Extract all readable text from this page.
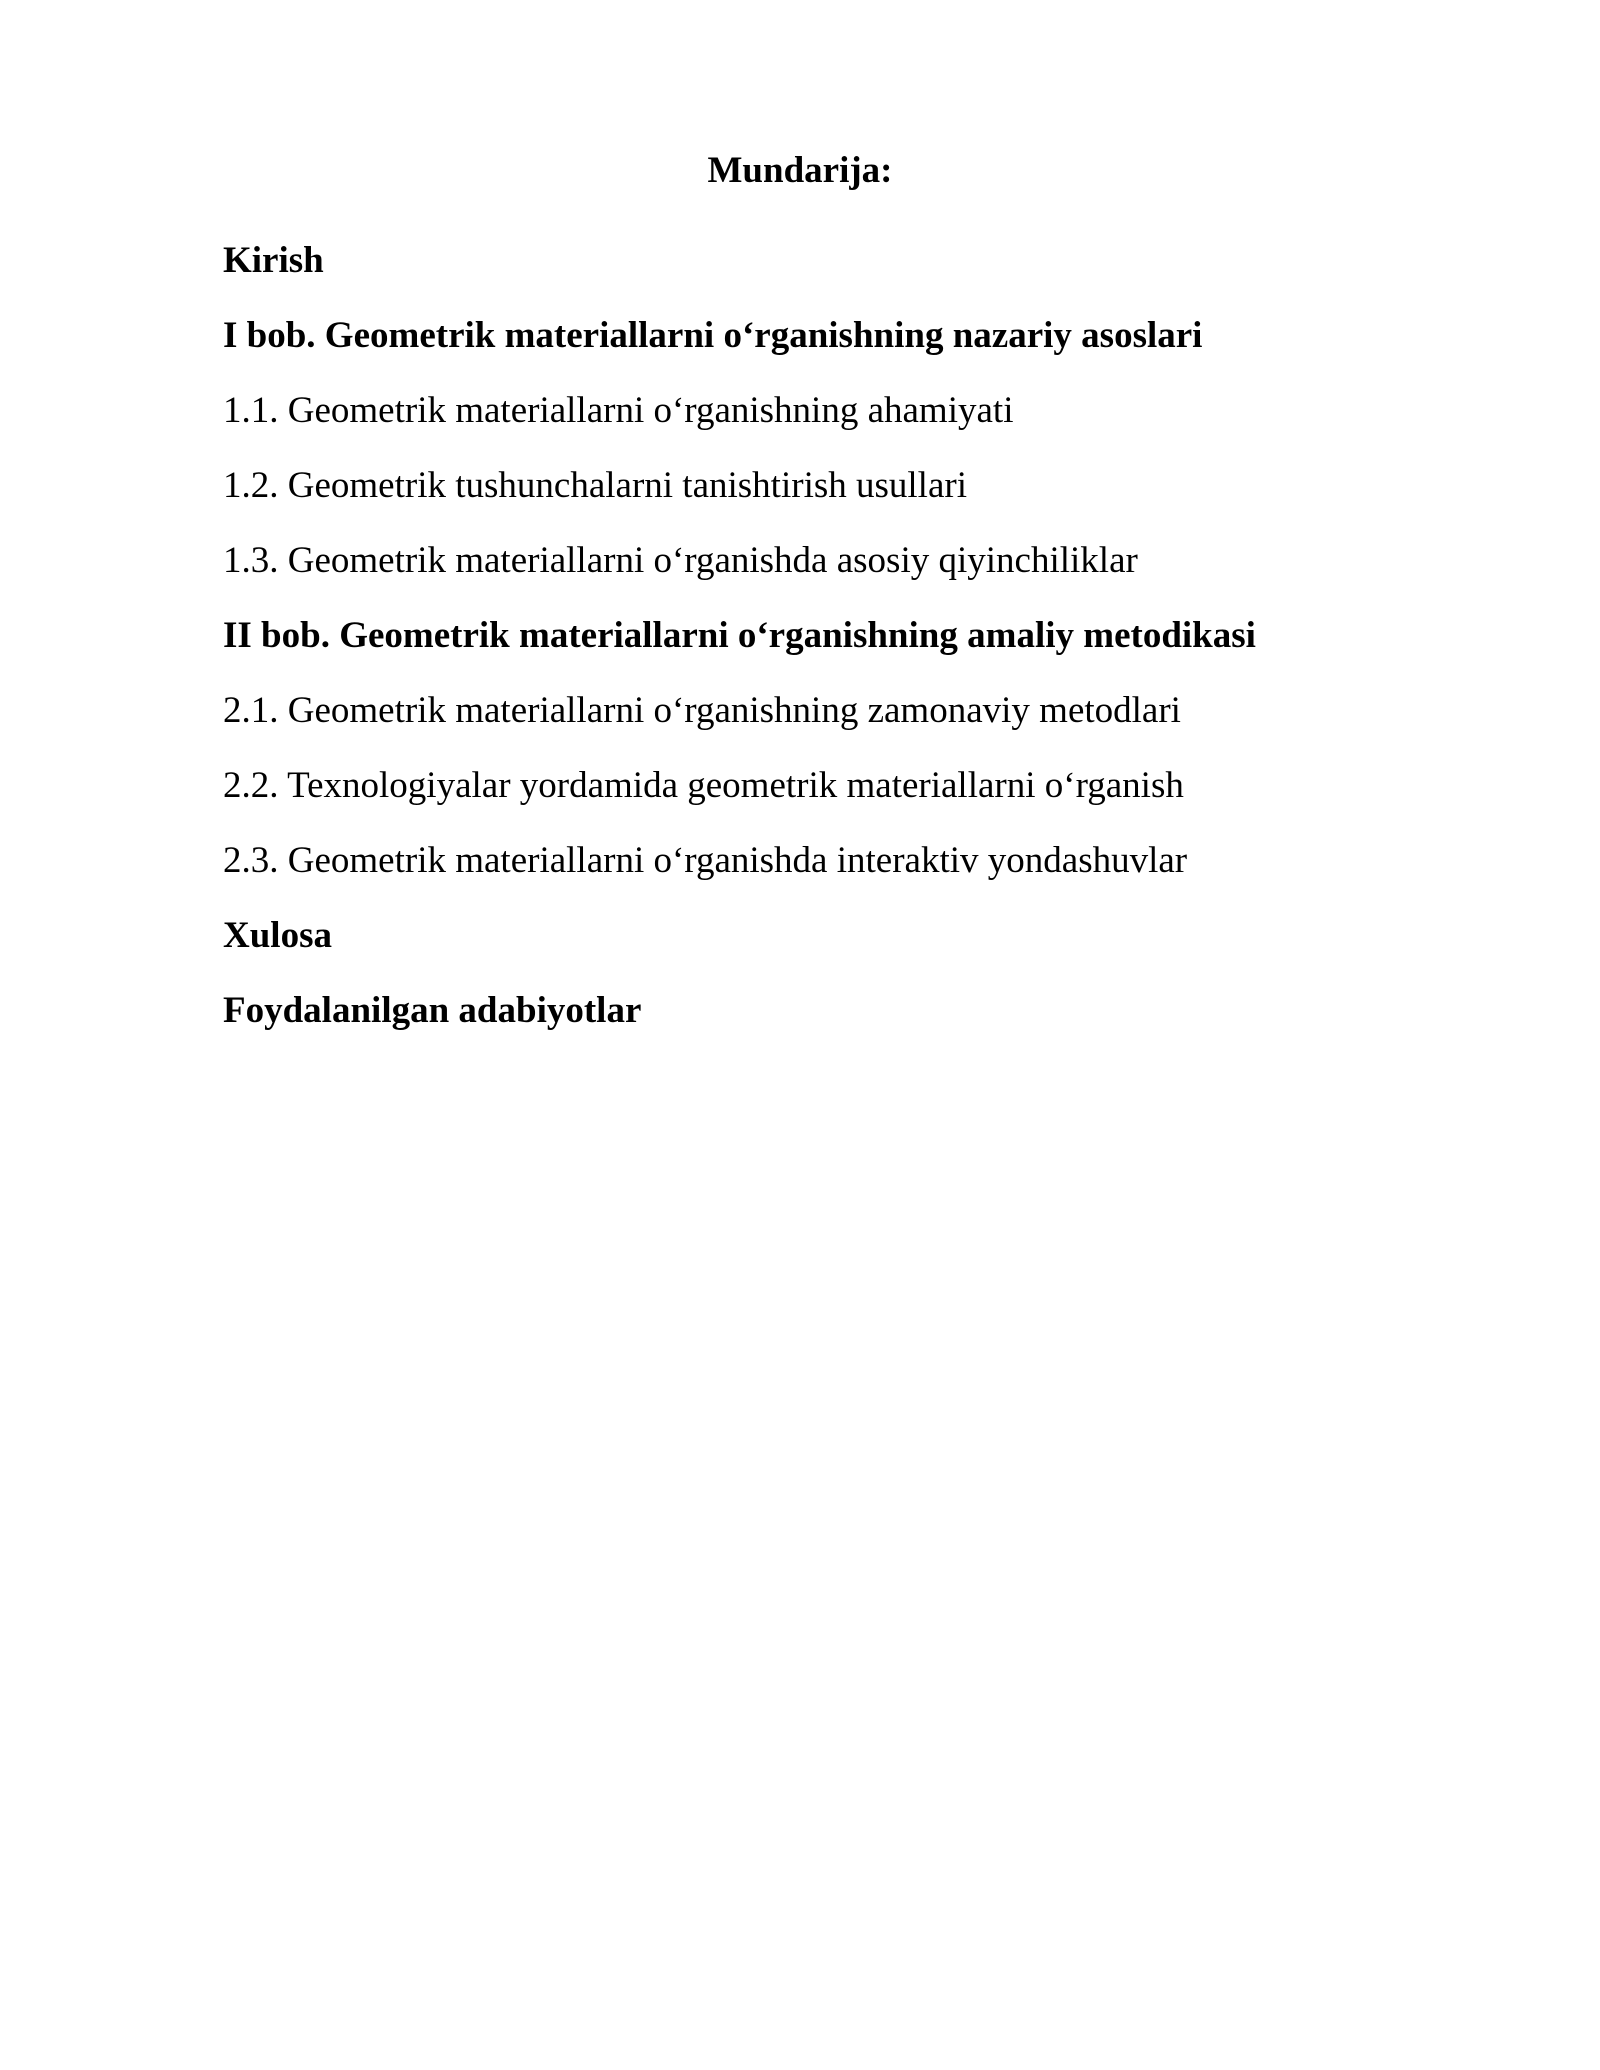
Mundarija:
Kirish
I bob. Geometrik materiallarni o‘rganishning nazariy asoslari
1.1. Geometrik materiallarni o‘rganishning ahamiyati
1.2. Geometrik tushunchalarni tanishtirish usullari
1.3. Geometrik materiallarni o‘rganishda asosiy qiyinchiliklar
II bob. Geometrik materiallarni o‘rganishning amaliy metodikasi
2.1. Geometrik materiallarni o‘rganishning zamonaviy metodlari
2.2. Texnologiyalar yordamida geometrik materiallarni o‘rganish
2.3. Geometrik materiallarni o‘rganishda interaktiv yondashuvlar
Xulosa
Foydalanilgan adabiyotlar
